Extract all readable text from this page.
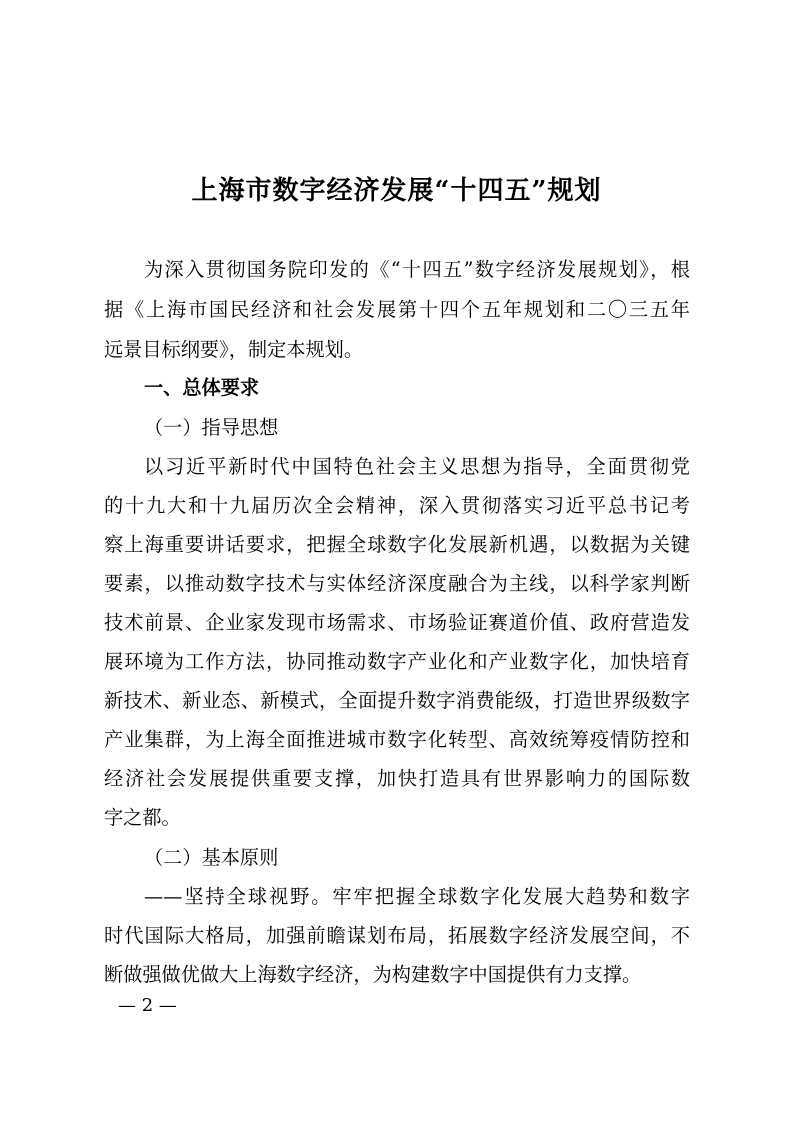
上海市数字经济发展“十四五”规划
为深入贯彻国务院印发的《“十四五”数字经济发展规划》，根
据《上海市国民经济和社会发展第十四个五年规划和二〇三五年
远景目标纲要》，制定本规划。
一、总体要求
（一）指导思想
以习近平新时代中国特色社会主义思想为指导，全面贯彻党
的十九大和十九届历次全会精神，深入贯彻落实习近平总书记考
察上海重要讲话要求，把握全球数字化发展新机遇，以数据为关键
要素，以推动数字技术与实体经济深度融合为主线，以科学家判断
技术前景、企业家发现市场需求、市场验证赛道价值、政府营造发
展环境为工作方法，协同推动数字产业化和产业数字化，加快培育
新技术、新业态、新模式，全面提升数字消费能级，打造世界级数字
产业集群，为上海全面推进城市数字化转型、高效统筹疫情防控和
经济社会发展提供重要支撑，加快打造具有世界影响力的国际数
字之都。
（二）基本原则
——坚持全球视野。牢牢把握全球数字化发展大趋势和数字
时代国际大格局，加强前瞻谋划布局，拓展数字经济发展空间，不
断做强做优做大上海数字经济，为构建数字中国提供有力支撑。
— 2 —
